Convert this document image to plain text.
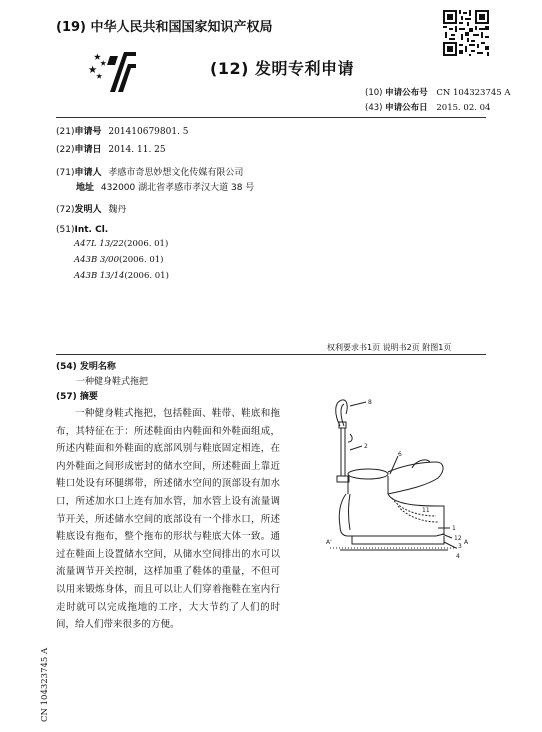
(19) 中华人民共和国国家知识产权局
(12) 发明专利申请
(10) 申请公布号 CN 104323745 A
(43) 申请公布日 2015. 02. 04
(21)申请号 201410679801. 5
(22)申请日 2014. 11. 25
(71)申请人 孝感市奇思妙想文化传媒有限公司
地址 432000 湖北省孝感市孝汉大道 38 号
(72)发明人 魏丹
(51)Int. Cl.
A47L 13/22(2006. 01)
A43B 3/00(2006. 01)
A43B 13/14(2006. 01)
权利要求书1页 说明书2页 附图1页
(54) 发明名称
一种健身鞋式拖把
(57) 摘要
一种健身鞋式拖把，包括鞋面、鞋带、鞋底和拖布，其特征在于：所述鞋面由内鞋面和外鞋面组成，所述内鞋面和外鞋面的底部风别与鞋底固定相连，在内外鞋面之间形成密封的储水空间，所述鞋面上靠近鞋口处设有环腿绑带，所述储水空间的顶部设有加水口，所述加水口上连有加水管，加水管上设有流量调节开关，所述储水空间的底部设有一个排水口，所述鞋底设有拖布，整个拖布的形状与鞋底大体一致。通过在鞋面上设置储水空间，从储水空间排出的水可以流量调节开关控制，这样加重了鞋体的重量，不但可以用来锻炼身体，而且可以让人们穿着拖鞋在室内行走时就可以完成拖地的工序，大大节约了人们的时间，给人们带来很多的方便。
8
6
2
11
1
12
3
4
A'	A
CN 104323745 A
